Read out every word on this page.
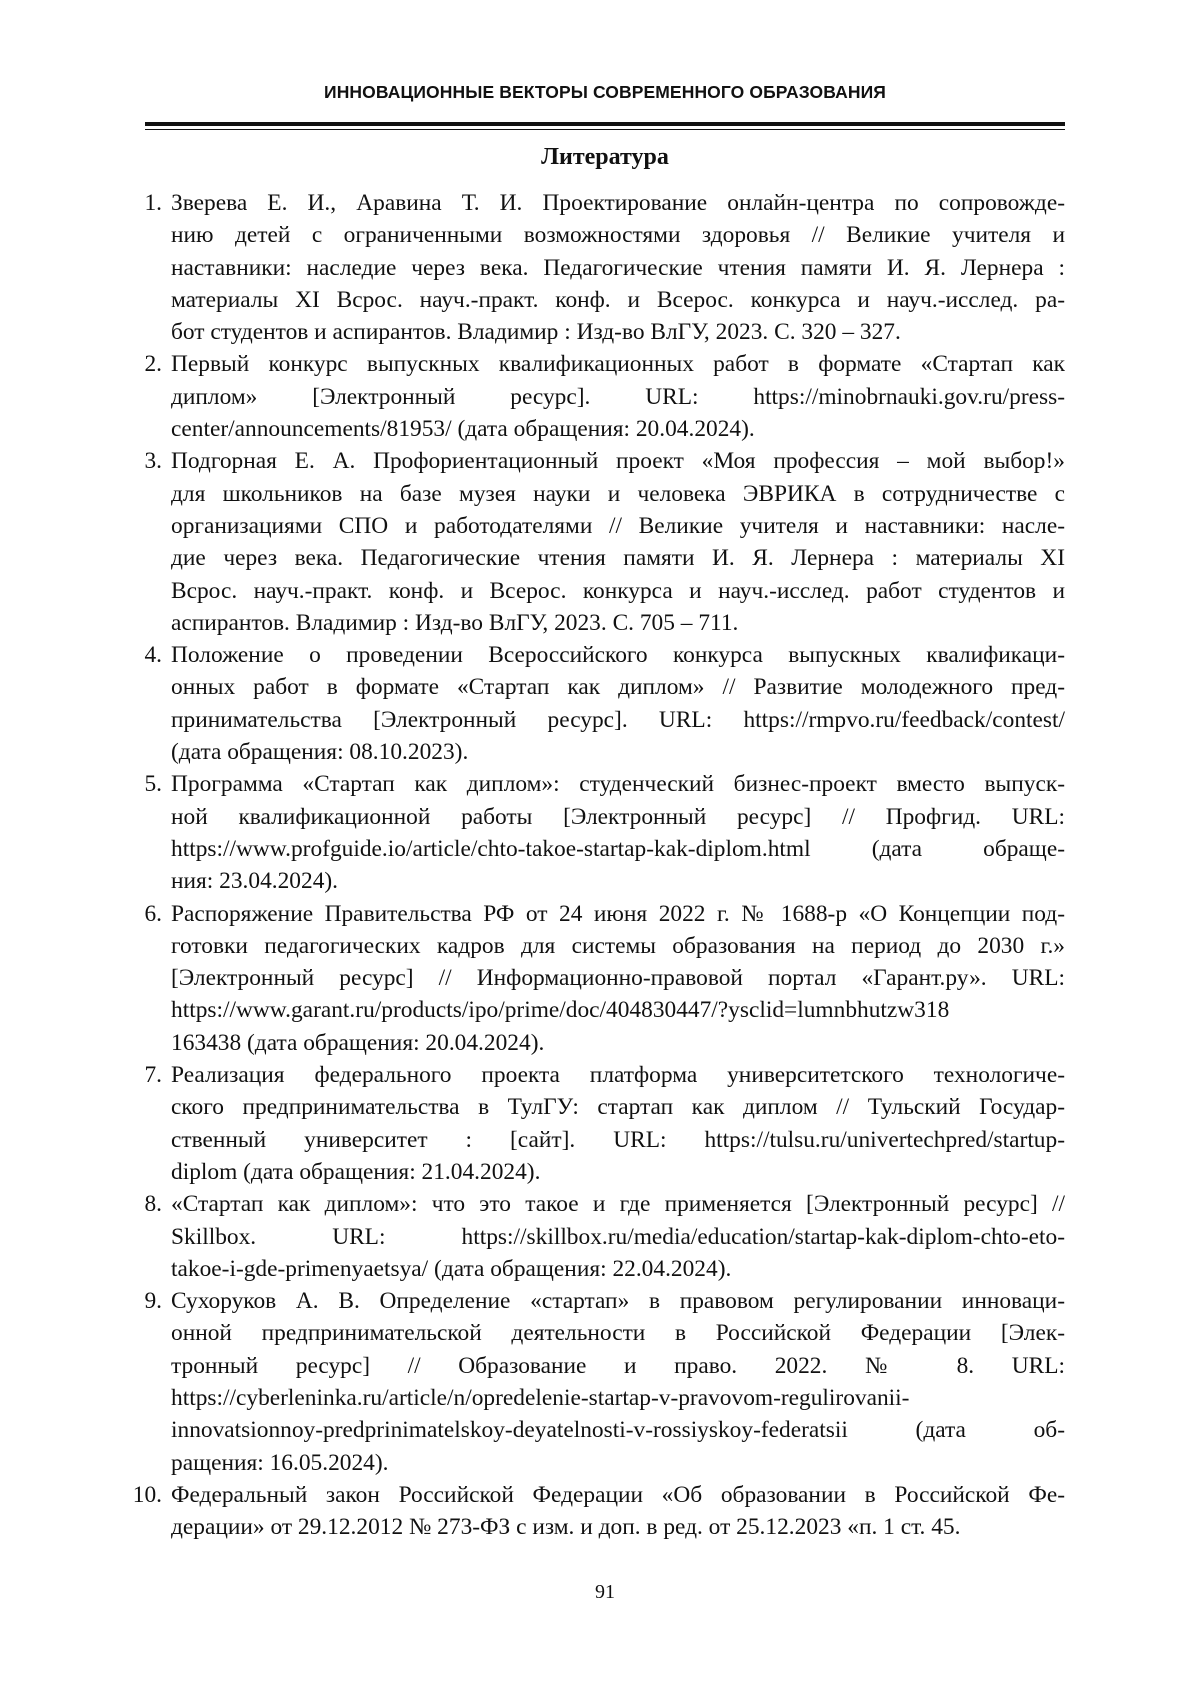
ИННОВАЦИОННЫЕ ВЕКТОРЫ СОВРЕМЕННОГО ОБРАЗОВАНИЯ
Литература
1. Зверева Е. И., Аравина Т. И. Проектирование онлайн-центра по сопровожде-
нию детей с ограниченными возможностями здоровья // Великие учителя и
наставники: наследие через века. Педагогические чтения памяти И. Я. Лернера :
материалы XI Всрос. науч.-практ. конф. и Всерос. конкурса и науч.-исслед. ра-
бот студентов и аспирантов. Владимир : Изд-во ВлГУ, 2023. С. 320 – 327.
2. Первый конкурс выпускных квалификационных работ в формате «Стартап как
диплом» [Электронный ресурс]. URL: https://minobrnauki.gov.ru/press-
center/announcements/81953/ (дата обращения: 20.04.2024).
3. Подгорная Е. А. Профориентационный проект «Моя профессия – мой выбор!»
для школьников на базе музея науки и человека ЭВРИКА в сотрудничестве с
организациями СПО и работодателями // Великие учителя и наставники: насле-
дие через века. Педагогические чтения памяти И. Я. Лернера : материалы XI
Всрос. науч.-практ. конф. и Всерос. конкурса и науч.-исслед. работ студентов и
аспирантов. Владимир : Изд-во ВлГУ, 2023. С. 705 – 711.
4. Положение о проведении Всероссийского конкурса выпускных квалификаци-
онных работ в формате «Стартап как диплом» // Развитие молодежного пред-
принимательства [Электронный ресурс]. URL: https://rmpvo.ru/feedback/contest/
(дата обращения: 08.10.2023).
5. Программа «Стартап как диплом»: студенческий бизнес-проект вместо выпуск-
ной квалификационной работы [Электронный ресурс] // Профгид. URL:
https://www.profguide.io/article/chto-takoe-startap-kak-diplom.html (дата обраще-
ния: 23.04.2024).
6. Распоряжение Правительства РФ от 24 июня 2022 г. № 1688-р «О Концепции под-
готовки педагогических кадров для системы образования на период до 2030 г.»
[Электронный ресурс] // Информационно-правовой портал «Гарант.ру». URL:
https://www.garant.ru/products/ipo/prime/doc/404830447/?ysclid=lumnbhutzw318
163438 (дата обращения: 20.04.2024).
7. Реализация федерального проекта платформа университетского технологиче-
ского предпринимательства в ТулГУ: стартап как диплом // Тульский Государ-
ственный университет : [сайт]. URL: https://tulsu.ru/univertechpred/startup-
diplom (дата обращения: 21.04.2024).
8. «Стартап как диплом»: что это такое и где применяется [Электронный ресурс] //
Skillbox. URL: https://skillbox.ru/media/education/startap-kak-diplom-chto-eto-
takoe-i-gde-primenyaetsya/ (дата обращения: 22.04.2024).
9. Сухоруков А. В. Определение «стартап» в правовом регулировании инноваци-
онной предпринимательской деятельности в Российской Федерации [Элек-
тронный ресурс] // Образование и право. 2022. № 8. URL:
https://cyberleninka.ru/article/n/opredelenie-startap-v-pravovom-regulirovanii-
innovatsionnoy-predprinimatelskoy-deyatelnosti-v-rossiyskoy-federatsii (дата об-
ращения: 16.05.2024).
10. Федеральный закон Российской Федерации «Об образовании в Российской Фе-
дерации» от 29.12.2012 № 273-ФЗ с изм. и доп. в ред. от 25.12.2023 «п. 1 ст. 45.
91
